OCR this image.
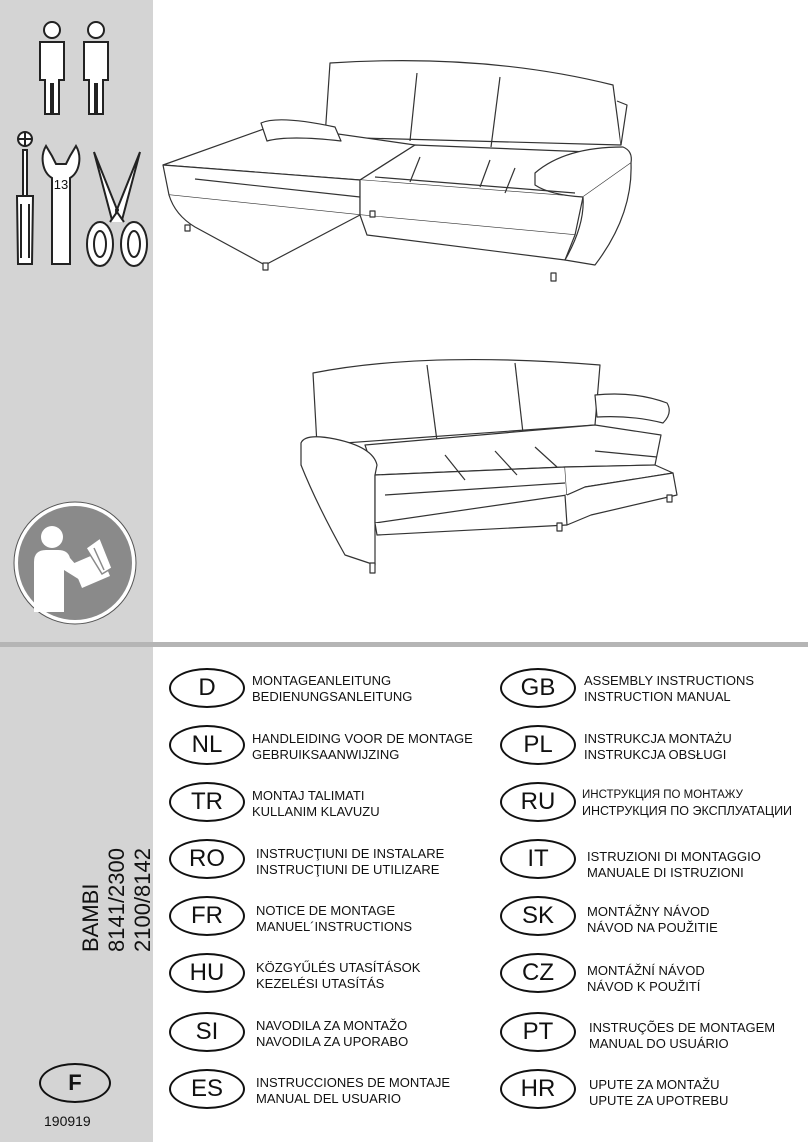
13
BAMBI 8141/2300 2100/8142
F
190919
D	MONTAGEANLEITUNG
BEDIENUNGSANLEITUNG
NL	HANDLEIDING VOOR DE MONTAGE
GEBRUIKSAANWIJZING
TR	MONTAJ TALIMATI
KULLANIM KLAVUZU
RO	INSTRUCŢIUNI DE INSTALARE
INSTRUCŢIUNI DE UTILIZARE
FR	NOTICE DE MONTAGE
MANUEL´INSTRUCTIONS
HU	KÖZGYŰLÉS UTASÍTÁSOK
KEZELÉSI UTASÍTÁS
SI	NAVODILA ZA MONTAŽO
NAVODILA ZA UPORABO
ES	INSTRUCCIONES DE MONTAJE
MANUAL DEL USUARIO
GB	ASSEMBLY INSTRUCTIONS
INSTRUCTION MANUAL
PL	INSTRUKCJA MONTAŻU
INSTRUKCJA OBSŁUGI
RU	ИНСТРУКЦИЯ ПО МОНТАЖУ
ИНСТРУКЦИЯ ПО ЭКСПЛУАТАЦИИ
IT	ISTRUZIONI DI MONTAGGIO
MANUALE DI ISTRUZIONI
SK	MONTÁŽNY NÁVOD
NÁVOD NA POUŽITIE
CZ	MONTÁŽNÍ NÁVOD
NÁVOD K POUŽITÍ
PT	INSTRUÇÕES DE MONTAGEM
MANUAL DO USUÁRIO
HR	UPUTE ZA MONTAŽU
UPUTE ZA UPOTREBU
